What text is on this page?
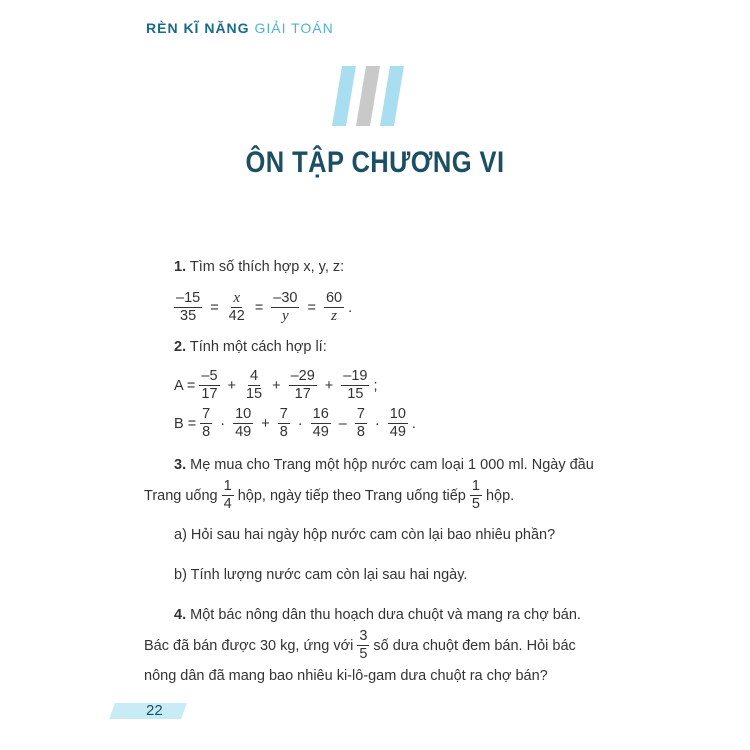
RÈN KĨ NĂNG GIẢI TOÁN
ÔN TẬP CHƯƠNG VI
1. Tìm số thích hợp x, y, z:
$\frac{-15}{35} = \frac{x}{42} = \frac{-30}{y} = \frac{60}{z}$ .
2. Tính một cách hợp lí:
$A = \frac{-5}{17} + \frac{4}{15} + \frac{-29}{17} + \frac{-19}{15}$ ;
$B = \frac{7}{8} \cdot \frac{10}{49} + \frac{7}{8} \cdot \frac{16}{49} - \frac{7}{8} \cdot \frac{10}{49}$ .
3. Mẹ mua cho Trang một hộp nước cam loại 1 000 ml. Ngày đầu
Trang uống $\frac{1}{4}$ hộp, ngày tiếp theo Trang uống tiếp $\frac{1}{5}$ hộp.
a) Hỏi sau hai ngày hộp nước cam còn lại bao nhiêu phần?
b) Tính lượng nước cam còn lại sau hai ngày.
4. Một bác nông dân thu hoạch dưa chuột và mang ra chợ bán.
Bác đã bán được 30 kg, ứng với $\frac{3}{5}$ số dưa chuột đem bán. Hỏi bác
nông dân đã mang bao nhiêu ki-lô-gam dưa chuột ra chợ bán?
22
